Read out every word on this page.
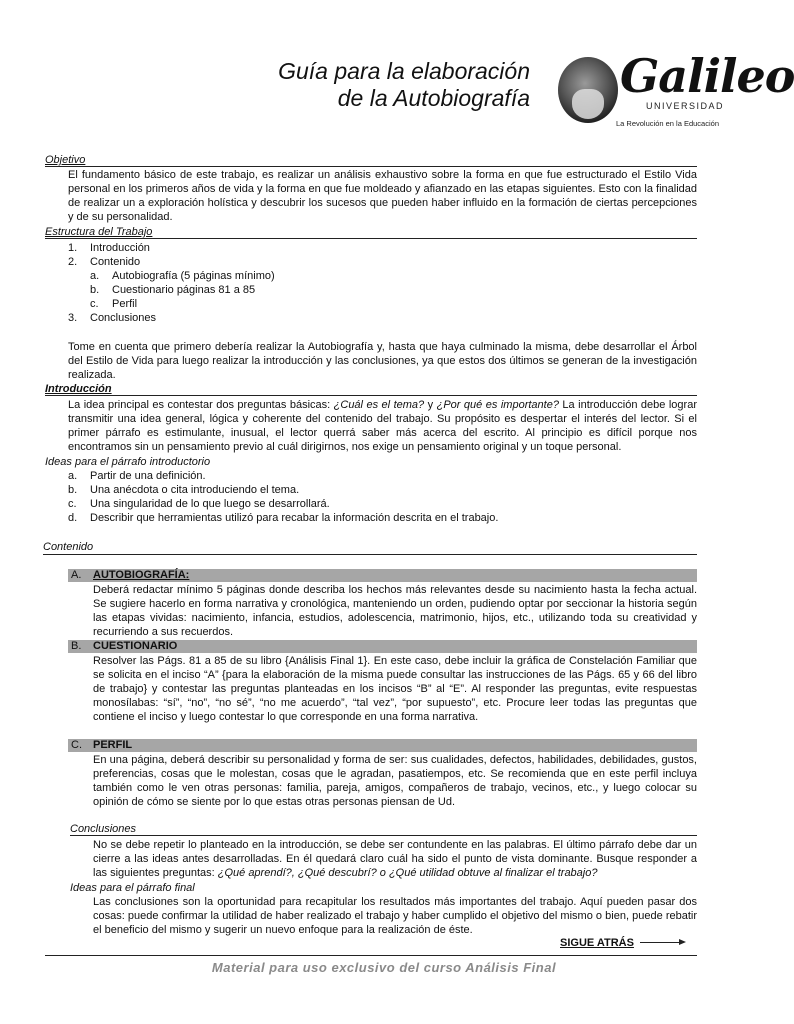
Guía para la elaboración
de la Autobiografía Galileo
UNIVERSIDAD
La Revolución en la Educación
Objetivo
El fundamento básico de este trabajo, es realizar un análisis exhaustivo sobre la forma en que fue estructurado el Estilo Vida personal en los primeros años de vida y la forma en que fue moldeado y afianzado en las etapas siguientes. Esto con la finalidad de realizar un a exploración holística y descubrir los sucesos que pueden haber influido en la formación de ciertas percepciones y de su personalidad.
Estructura del Trabajo
1. Introducción
2. Contenido
a. Autobiografía (5 páginas mínimo)
b. Cuestionario páginas 81 a 85
c. Perfil
3. Conclusiones
Tome en cuenta que primero debería realizar la Autobiografía y, hasta que haya culminado la misma, debe desarrollar el Árbol del Estilo de Vida para luego realizar la introducción y las conclusiones, ya que estos dos últimos se generan de la investigación realizada.
Introducción
La idea principal es contestar dos preguntas básicas: ¿Cuál es el tema? y ¿Por qué es importante? La introducción debe lograr transmitir una idea general, lógica y coherente del contenido del trabajo. Su propósito es despertar el interés del lector. Si el primer párrafo es estimulante, inusual, el lector querrá saber más acerca del escrito. Al principio es difícil porque nos encontramos sin un pensamiento previo al cuál dirigirnos, nos exige un pensamiento original y un toque personal.
Ideas para el párrafo introductorio
a. Partir de una definición.
b. Una anécdota o cita introduciendo el tema.
c. Una singularidad de lo que luego se desarrollará.
d. Describir que herramientas utilizó para recabar la información descrita en el trabajo.
Contenido
A. AUTOBIOGRAFÍA:
Deberá redactar mínimo 5 páginas donde describa los hechos más relevantes desde su nacimiento hasta la fecha actual. Se sugiere hacerlo en forma narrativa y cronológica, manteniendo un orden, pudiendo optar por seccionar la historia según las etapas vividas: nacimiento, infancia, estudios, adolescencia, matrimonio, hijos, etc., utilizando toda su creatividad y recurriendo a sus recuerdos.
B. CUESTIONARIO
Resolver las Págs. 81 a 85 de su libro {Análisis Final 1}. En este caso, debe incluir la gráfica de Constelación Familiar que se solicita en el inciso “A” {para la elaboración de la misma puede consultar las instrucciones de las Págs. 65 y 66 del libro de trabajo} y contestar las preguntas planteadas en los incisos “B” al “E”. Al responder las preguntas, evite respuestas monosílabas: “sí”, “no”, “no sé”, “no me acuerdo”, “tal vez”, “por supuesto”, etc. Procure leer todas las preguntas que contiene el inciso y luego contestar lo que corresponde en una forma narrativa.
C. PERFIL
En una página, deberá describir su personalidad y forma de ser: sus cualidades, defectos, habilidades, debilidades, gustos, preferencias, cosas que le molestan, cosas que le agradan, pasatiempos, etc. Se recomienda que en este perfil incluya también como le ven otras personas: familia, pareja, amigos, compañeros de trabajo, vecinos, etc., y luego colocar su opinión de cómo se siente por lo que estas otras personas piensan de Ud.
Conclusiones
No se debe repetir lo planteado en la introducción, se debe ser contundente en las palabras. El último párrafo debe dar un cierre a las ideas antes desarrolladas. En él quedará claro cuál ha sido el punto de vista dominante. Busque responder a las siguientes preguntas: ¿Qué aprendí?, ¿Qué descubrí? o ¿Qué utilidad obtuve al finalizar el trabajo?
Ideas para el párrafo final
Las conclusiones son la oportunidad para recapitular los resultados más importantes del trabajo. Aquí pueden pasar dos cosas: puede confirmar la utilidad de haber realizado el trabajo y haber cumplido el objetivo del mismo o bien, puede rebatir el beneficio del mismo y sugerir un nuevo enfoque para la realización de éste.
SIGUE ATRÁS
Material para uso exclusivo del curso Análisis Final
